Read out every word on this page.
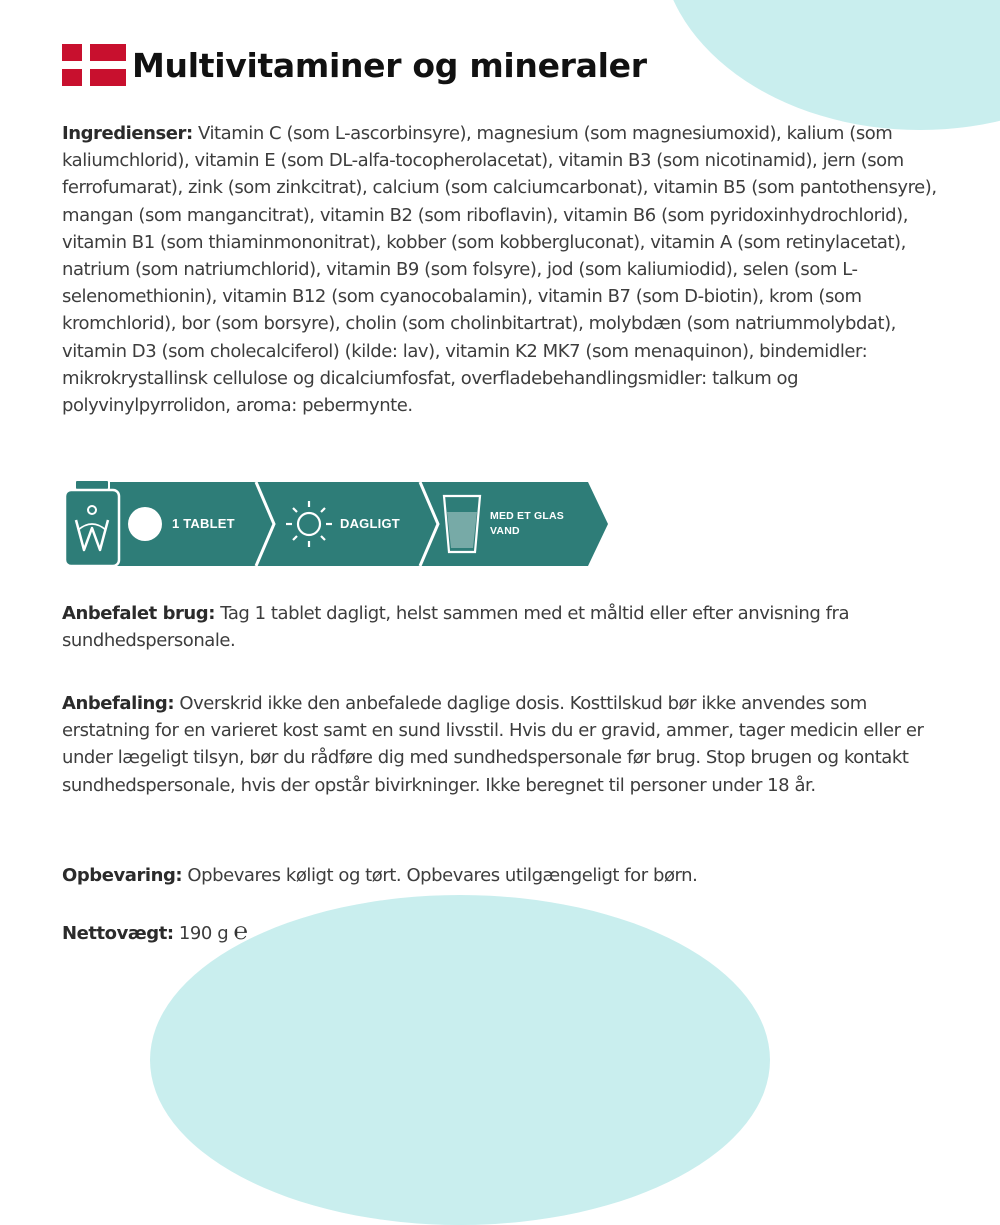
Multivitaminer og mineraler

Ingredienser: Vitamin C (som L-ascorbinsyre), magnesium (som magnesiumoxid), kalium (som kaliumchlorid), vitamin E (som DL-alfa-tocopherolacetat), vitamin B3 (som nicotinamid), jern (som ferrofumarat), zink (som zinkcitrat), calcium (som calciumcarbonat), vitamin B5 (som pantothensyre), mangan (som mangancitrat), vitamin B2 (som riboflavin), vitamin B6 (som pyridoxinhydrochlorid), vitamin B1 (som thiaminmononitrat), kobber (som kobbergluconat), vitamin A (som retinylacetat), natrium (som natriumchlorid), vitamin B9 (som folsyre), jod (som kaliumiodid), selen (som L-selenomethionin), vitamin B12 (som cyanocobalamin), vitamin B7 (som D-biotin), krom (som kromchlorid), bor (som borsyre), cholin (som cholinbitartrat), molybdæn (som natriummolybdat), vitamin D3 (som cholecalciferol) (kilde: lav), vitamin K2 MK7 (som menaquinon), bindemidler: mikrokrystallinsk cellulose og dicalciumfosfat, overfladebehandlingsmidler: talkum og polyvinylpyrrolidon, aroma: pebermynte.

1 TABLET	DAGLIGT	MED ET GLAS VAND

Anbefalet brug: Tag 1 tablet dagligt, helst sammen med et måltid eller efter anvisning fra sundhedspersonale.

Anbefaling: Overskrid ikke den anbefalede daglige dosis. Kosttilskud bør ikke anvendes som erstatning for en varieret kost samt en sund livsstil. Hvis du er gravid, ammer, tager medicin eller er under lægeligt tilsyn, bør du rådføre dig med sundhedspersonale før brug. Stop brugen og kontakt sundhedspersonale, hvis der opstår bivirkninger. Ikke beregnet til personer under 18 år.

Opbevaring: Opbevares køligt og tørt. Opbevares utilgængeligt for børn.

Nettovægt: 190 g ℮
